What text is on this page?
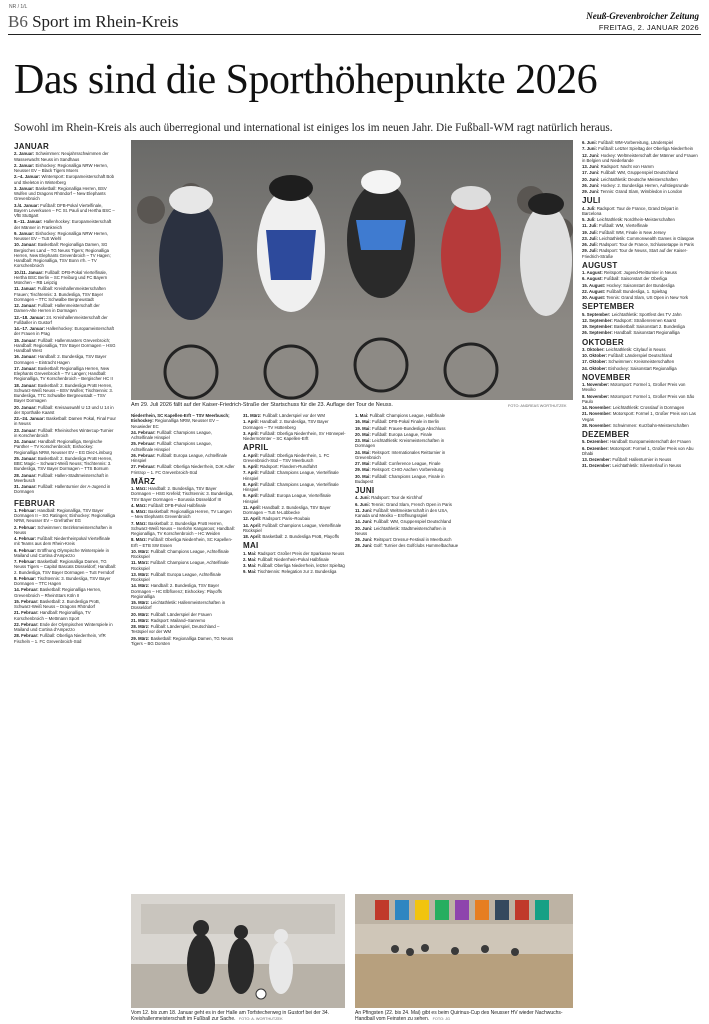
NR / 1/L
B6 Sport im Rhein-Kreis	Neuß-Grevenbroicher Zeitung
FREITAG, 2. JANUAR 2026
Das sind die Sporthöhepunkte 2026

Sowohl im Rhein-Kreis als auch überregional und international ist einiges los im neuen Jahr. Die Fußball-WM ragt natürlich heraus.

JANUAR

2. Januar: Schwimmen: Neujahrsschwimmen der Wasserwacht Neuss im Sandhaus

2. Januar: Eishockey: Regionalliga NRW Herren, Neusser EV – Black Tigers Moers

2.–4. Januar: Wintersport: Europameisterschaft Bob und Skeleton in Winterberg

3. Januar: Basketball: Regionalliga Herren, BSV Wulfen und Dragons Rhöndorf – New Elephants Grevenbroich

3./4. Januar: Fußball: DFB-Pokal Viertelfinale, Bayern Leverkusen – FC St. Pauli und Hertha BSC – VfB Stuttgart

8.–11. Januar: Hallenhockey: Europameisterschaft der Männer in Frankreich

9. Januar: Eishockey: Regionalliga NRW Herren, Neusser EV – TuS Wiehl

10. Januar: Basketball: Regionalliga Damen, SG Bergisches Land – TG Neuss Tigers; Regionalliga Herren, New Elephants Grevenbroich – TV Hagen; Handball: Regionalliga, TSV Bonn rrh. – TV Korschenbroich

10./11. Januar: Fußball: DFB-Pokal Viertelfinale, Hertha BSC Berlin – SC Freiburg und FC Bayern München – RB Leipzig

11. Januar: Fußball: Kreishallenmeisterschaften Frauen; Tischtennis: 3. Bundesliga, TSV Bayer Dormagen – TTC Schwalbe Bergneustadt

12. Januar: Fußball: Hallenmeisterschaft der Damen-Alte Herren in Dormagen

12.–18. Januar: 24. Kreishallenmeisterschaft der Fußballer in Gustorf

14.–17. Januar: Hallenhockey: Europameisterschaft der Frauen in Prag

15. Januar: Fußball: Hallenmasters Grevenbroich; Handball: Regionalliga, TSV Bayer Dormagen – HSG Handball West

16. Januar: Handball: 2. Bundesliga, TSV Bayer Dormagen – Eintracht Hagen

17. Januar: Basketball: Regionalliga Herren, New Elephants Grevenbroich – TV Langen; Handball: Regionalliga, TV Korschenbroich – Bergischer HC II

18. Januar: Basketball: 2. Bundesliga ProB Herren, Schwarz-Weiß Neuss – BSV Wulfen; Tischtennis: 3. Bundesliga, TTC Schwalbe Bergneustadt – TSV Bayer Dormagen

20. Januar: Fußball: Kreisauswahl U 13 und U 14 in der Sporthalle Kaarst

22.–24. Januar: Basketball: Damen Pokal, Final Four in Neuss

23. Januar: Fußball: Rheinisches Wintercup-Turnier in Korschenbroich

24. Januar: Handball: Regionalliga, Bergische Panther – TV Korschenbroich; Eishockey: Regionalliga NRW, Neusser EV – EG Diez-Limburg

25. Januar: Basketball: 2. Bundesliga ProB Herren, BBC Magic – Schwarz-Weiß Neuss; Tischtennis: 3. Bundesliga, TSV Bayer Dormagen – TTS Borsum

28. Januar: Fußball: Hallen-Stadtmeisterschaft in Meerbusch

31. Januar: Fußball: Hallenturnier der A-Jugend in Dormagen

FEBRUAR

1. Februar: Handball: Regionalliga, TSV Bayer Dormagen II – SG Ratingen; Eishockey: Regionalliga NRW, Neusser EV – Grefrather EG

2. Februar: Schwimmen: Bezirksmeisterschaften in Neuss

4. Februar: Fußball: Niederrheinpokal Viertelfinale mit Teams aus dem Rhein-Kreis

6. Februar: Eröffnung Olympische Winterspiele in Mailand und Cortina d'Ampezzo

7. Februar: Basketball: Regionalliga Damen, TG Neuss Tigers – Capitol Bascats Düsseldorf; Handball: 2. Bundesliga, TSV Bayer Dormagen – TuS Ferndorf

8. Februar: Tischtennis: 3. Bundesliga, TSV Bayer Dormagen – TTC Hagen

14. Februar: Basketball: Regionalliga Herren, Grevenbroich – RheinStars Köln II

15. Februar: Basketball: 2. Bundesliga ProB, Schwarz-Weiß Neuss – Dragons Rhöndorf

21. Februar: Handball: Regionalliga, TV Korschenbroich – Mettmann Sport

22. Februar: Ende der Olympischen Winterspiele in Mailand und Cortina d'Ampezzo

28. Februar: Fußball: Oberliga Niederrhein, VfR Fischeln – 1. FC Grevenbroich-Süd

Am 29. Juli 2026 fällt auf der Kaiser-Friedrich-Straße der Startschuss für die 23. Auflage der Tour de Neuss.	FOTO: ANDREAS WORTHUTZEK

Niederrhein, SC Kapellen-Erft – TSV Meerbusch; Eishockey: Regionalliga NRW, Neusser EV – Neuwieder EC

24. Februar: Fußball: Champions League, Achtelfinale Hinspiel

25. Februar: Fußball: Champions League, Achtelfinale Hinspiel

26. Februar: Fußball: Europa League, Achtelfinale Hinspiel

27. Februar: Fußball: Oberliga Niederrhein, DJK Adler Frintrop – 1. FC Grevenbroich-Süd

MÄRZ

1. März: Handball: 2. Bundesliga, TSV Bayer Dormagen – HSG Krefeld; Tischtennis: 3. Bundesliga, TSV Bayer Dormagen – Borussia Düsseldorf III

4. März: Fußball: DFB-Pokal Halbfinale

6. März: Basketball: Regionalliga Herren, TV Langen – New Elephants Grevenbroich

7. März: Basketball: 2. Bundesliga ProB Herren, Schwarz-Weiß Neuss – Iserlohn Kangaroos; Handball: Regionalliga, TV Korschenbroich – HC Weiden

8. März: Fußball: Oberliga Niederrhein, SC Kapellen-Erft – ETB SW Essen

10. März: Fußball: Champions League, Achtelfinale Rückspiel

11. März: Fußball: Champions League, Achtelfinale Rückspiel

13. März: Fußball: Europa League, Achtelfinale Rückspiel

14. März: Handball: 2. Bundesliga, TSV Bayer Dormagen – HC Elbflorenz; Eishockey: Playoffs Regionalliga

15. März: Leichtathletik: Hallenmeisterschaften in Düsseldorf

20. März: Fußball: Länderspiel der Frauen

21. März: Radsport: Mailand–Sanremo

28. März: Fußball: Länderspiel, Deutschland – Testspiel vor der WM

29. März: Basketball: Regionalliga Damen, TG Neuss Tigers – BG Dorsten

31. März: Fußball: Länderspiel vor der WM

1. April: Handball: 2. Bundesliga, TSV Bayer Dormagen – TV Hüttenberg

3. April: Fußball: Oberliga Niederrhein, SV Hönnepel-Niedermörmter – SC Kapellen-Erft

APRIL

4. April: Fußball: Oberliga Niederrhein, 1. FC Grevenbroich-Süd – TSV Meerbusch

5. April: Radsport: Flandern-Rundfahrt

7. April: Fußball: Champions League, Viertelfinale Hinspiel

8. April: Fußball: Champions League, Viertelfinale Hinspiel

9. April: Fußball: Europa League, Viertelfinale Hinspiel

11. April: Handball: 2. Bundesliga, TSV Bayer Dormagen – TuS N-Lübbecke

12. April: Radsport: Paris–Roubaix

14. April: Fußball: Champions League, Viertelfinale Rückspiel

18. April: Basketball: 2. Bundesliga ProB, Playoffs

MAI

1. Mai: Radsport: Großer Preis der Sparkasse Neuss

2. Mai: Fußball: Niederrhein-Pokal Halbfinale

3. Mai: Fußball: Oberliga Niederrhein, letzter Spieltag

9. Mai: Tischtennis: Relegation zur 2. Bundesliga

1. Mai: Fußball: Champions League, Halbfinale

16. Mai: Fußball: DFB-Pokal Finale in Berlin

19. Mai: Fußball: Frauen-Bundesliga Abschluss

20. Mai: Fußball: Europa League, Finale

23. Mai: Leichtathletik: Kreismeisterschaften in Dormagen

24. Mai: Reitsport: Internationales Reitturnier in Grevenbroich

27. Mai: Fußball: Conference League, Finale

29. Mai: Reitsport: CHIO Aachen Vorbereitung

30. Mai: Fußball: Champions League, Finale in Budapest

JUNI

4. Juni: Radsport: Tour de Kirchhof

6. Juni: Tennis: Grand Slam, French Open in Paris

11. Juni: Fußball: Weltmeisterschaft in den USA, Kanada und Mexiko – Eröffnungsspiel

14. Juni: Fußball: WM, Gruppenspiel Deutschland

20. Juni: Leichtathletik: Stadtmeisterschaften in Neuss

26. Juni: Reitsport: Dressur-Festival in Meerbusch

28. Juni: Golf: Turnier des Golfclubs Hummelbachaue

6. Juni: Fußball: WM-Vorbereitung, Länderspiel

7. Juni: Fußball: Letzter Spieltag der Oberliga Niederrhein

12. Juni: Hockey: Weltmeisterschaft der Männer und Frauen in Belgien und Niederlande

13. Juni: Radsport: Nacht von Hamm

17. Juni: Fußball: WM, Gruppenspiel Deutschland

20. Juni: Leichtathletik: Deutsche Meisterschaften

26. Juni: Hockey: 2. Bundesliga Herren, Aufstiegsrunde

29. Juni: Tennis: Grand Slam, Wimbledon in London

JULI

4. Juli: Radsport: Tour de France, Grand Départ in Barcelona

5. Juli: Leichtathletik: Nordrhein-Meisterschaften

11. Juli: Fußball: WM, Viertelfinale

19. Juli: Fußball: WM, Finale in New Jersey

23. Juli: Leichtathletik: Commonwealth Games in Glasgow

26. Juli: Radsport: Tour de France, Schlussetappe in Paris

29. Juli: Radsport: Tour de Neuss, Start auf der Kaiser-Friedrich-Straße

AUGUST

1. August: Reitsport: Jugend-Reitturnier in Neuss

6. August: Fußball: Saisonstart der Oberliga

15. August: Hockey: Saisonstart der Bundesliga

22. August: Fußball: Bundesliga, 1. Spieltag

30. August: Tennis: Grand Slam, US Open in New York

SEPTEMBER

5. September: Leichtathletik: Sportfest des TV Jahn

12. September: Radsport: Straßenrennen Kaarst

19. September: Basketball: Saisonstart 2. Bundesliga

26. September: Handball: Saisonstart Regionalliga

OKTOBER

3. Oktober: Leichtathletik: Citylauf in Neuss

10. Oktober: Fußball: Länderspiel Deutschland

17. Oktober: Schwimmen: Kreismeisterschaften

24. Oktober: Eishockey: Saisonstart Regionalliga

NOVEMBER

1. November: Motorsport: Formel 1, Großer Preis von Mexiko

8. November: Motorsport: Formel 1, Großer Preis von São Paulo

14. November: Leichtathletik: Crosslauf in Dormagen

21. November: Motorsport: Formel 1, Großer Preis von Las Vegas

28. November: Schwimmen: Kurzbahn-Meisterschaften

DEZEMBER

5. Dezember: Handball: Europameisterschaft der Frauen

6. Dezember: Motorsport: Formel 1, Großer Preis von Abu Dhabi

13. Dezember: Fußball: Hallenturnier in Neuss

31. Dezember: Leichtathletik: Silvesterlauf in Neuss

Vom 12. bis zum 18. Januar geht es in der Halle am Torfstecherweg in Gustorf bei der 34. Kreishallenmeisterschaft im Fußball zur Sache. FOTO: A. WORTHUTZEK
An Pfingsten (22. bis 24. Mai) gibt es beim Quirinus-Cup des Neusser HV wieder Nachwuchs-Handball vom Feinsten zu sehen. FOTO: JG
